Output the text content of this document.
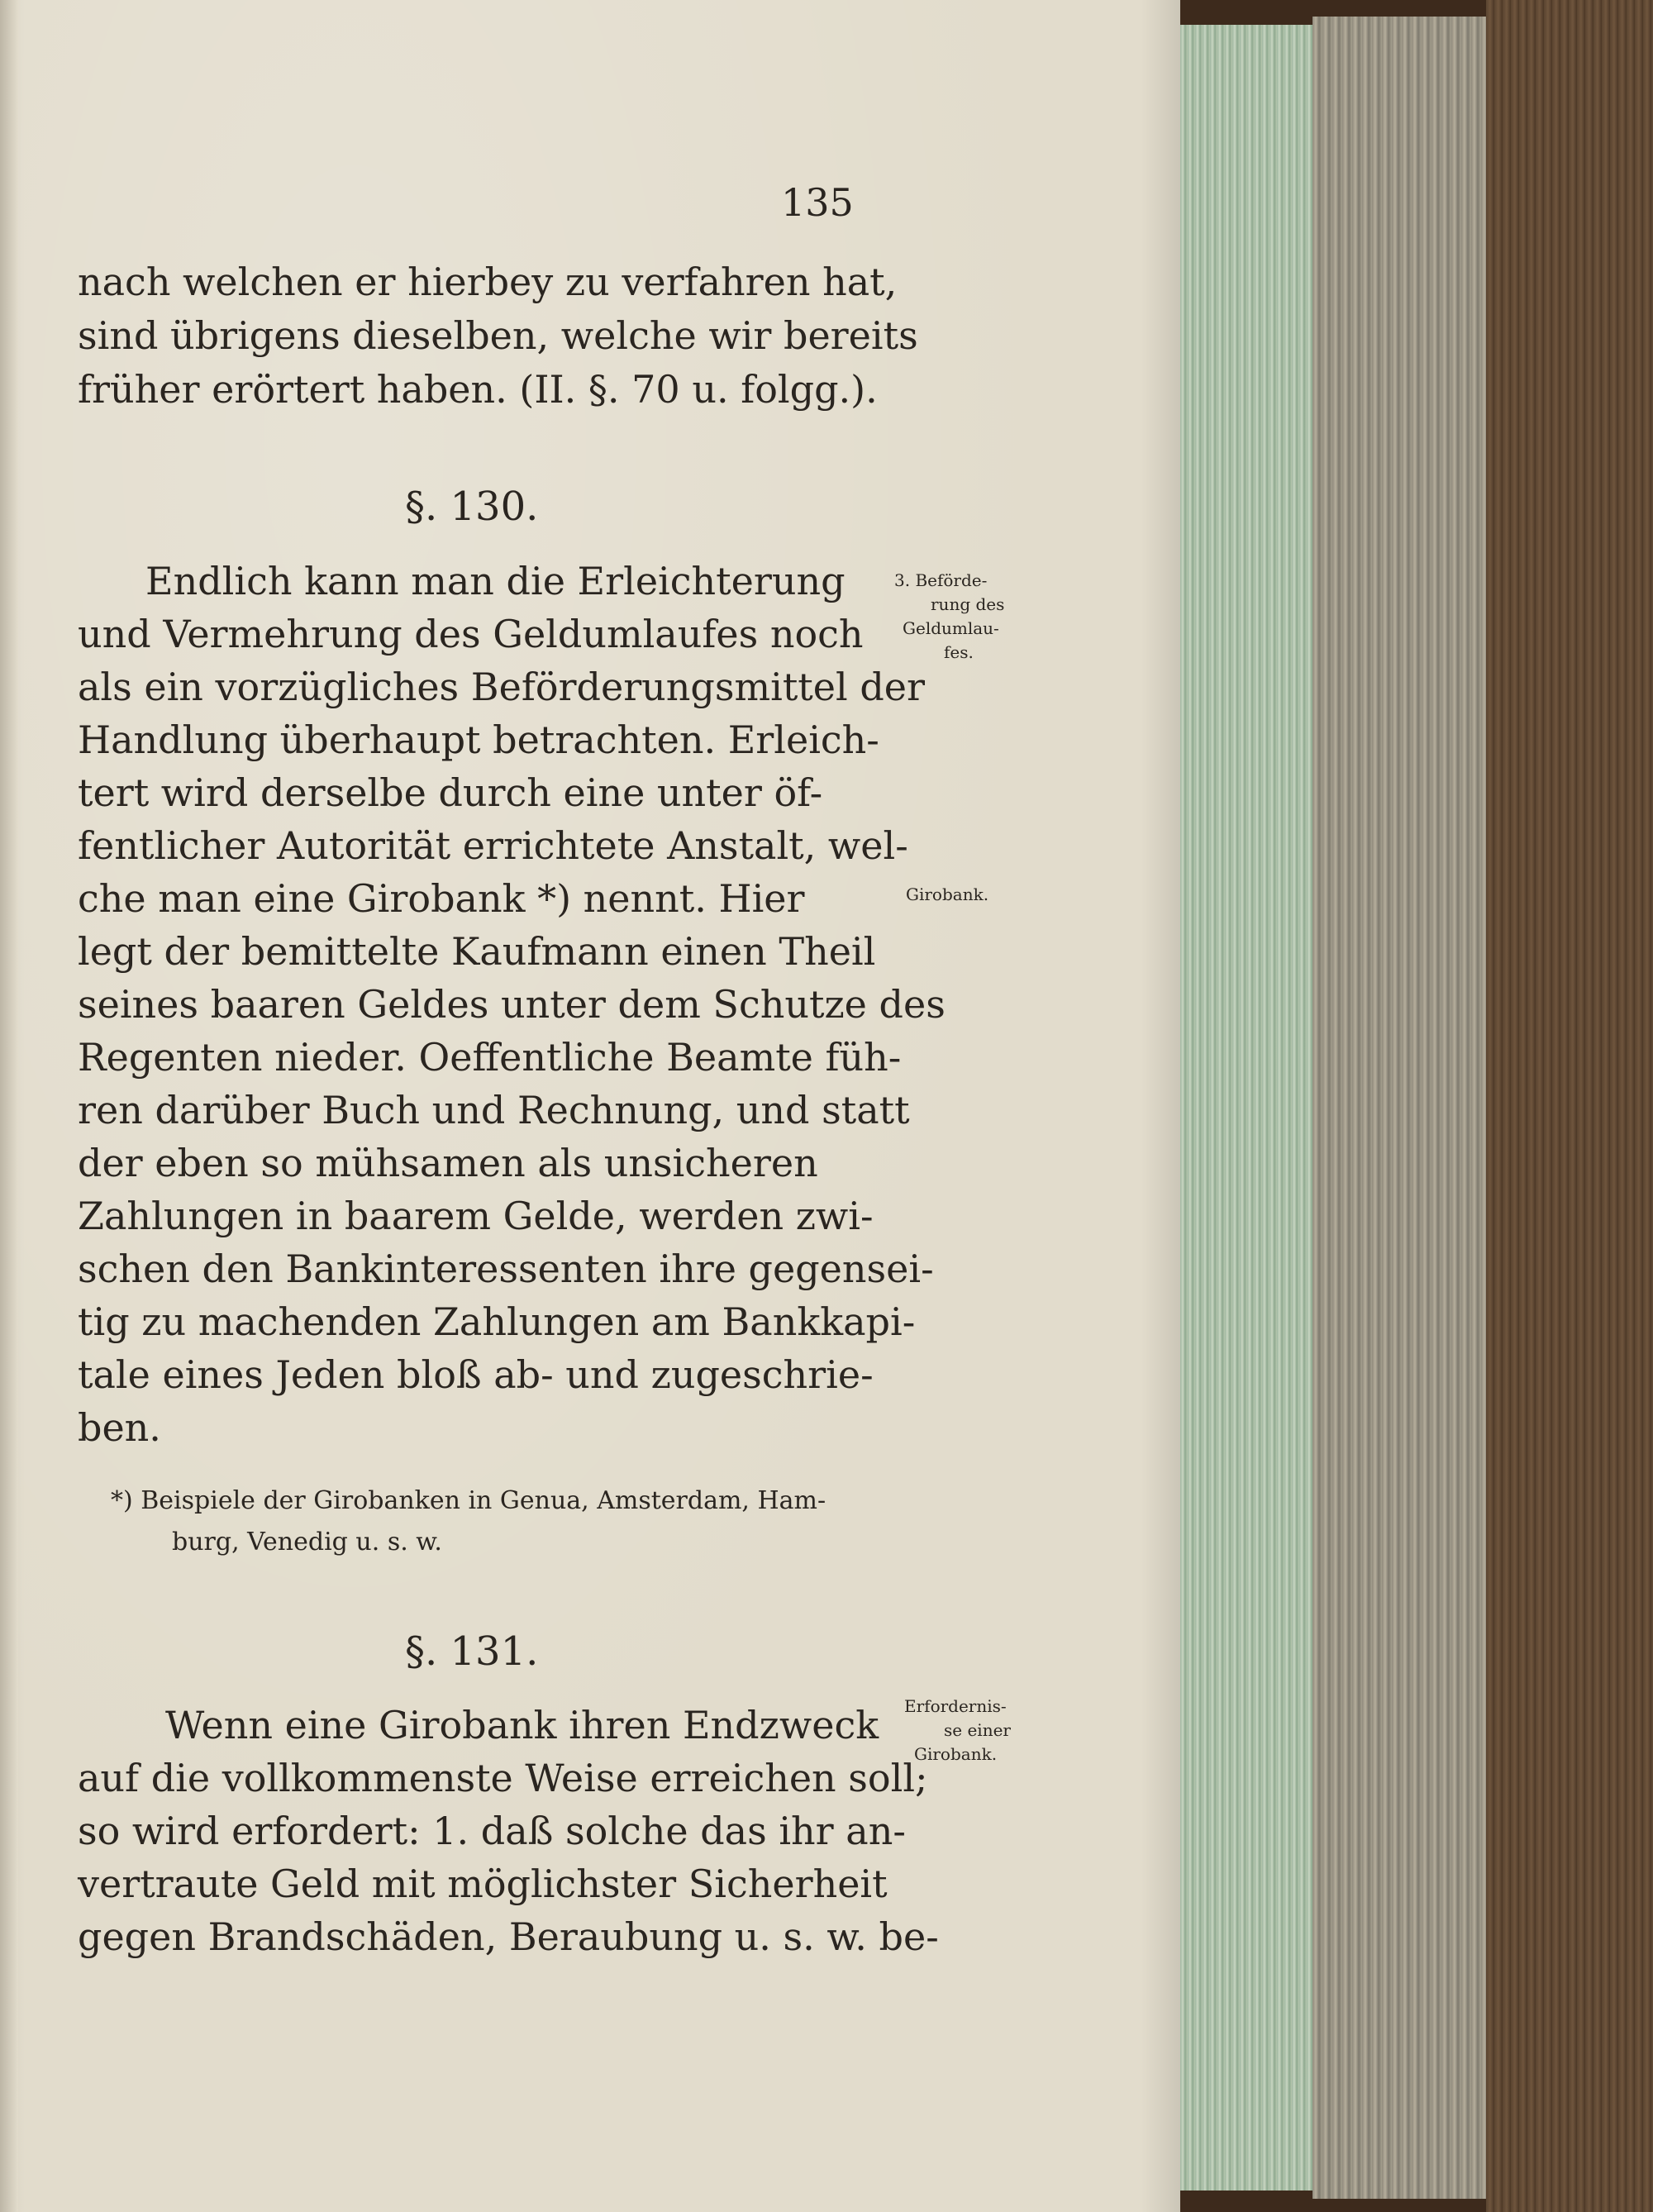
135
nach welchen er hierbey zu verfahren hat,
sind übrigens dieselben, welche wir bereits
früher erörtert haben. (II. §. 70 u. folgg.).
§. 130.
Endlich kann man die Erleichterung
und Vermehrung des Geldumlaufes noch
als ein vorzügliches Beförderungsmittel der
Handlung überhaupt betrachten. Erleich-
tert wird derselbe durch eine unter öf-
fentlicher Autorität errichtete Anstalt, wel-
che man eine Girobank *) nennt. Hier
legt der bemittelte Kaufmann einen Theil
seines baaren Geldes unter dem Schutze des
Regenten nieder. Oeffentliche Beamte füh-
ren darüber Buch und Rechnung, und statt
der eben so mühsamen als unsicheren
Zahlungen in baarem Gelde, werden zwi-
schen den Bankinteressenten ihre gegensei-
tig zu machenden Zahlungen am Bankkapi-
tale eines Jeden bloß ab- und zugeschrie-
ben.
3. Beförde-
rung des
Geldumlau-
fes.
Girobank.
*) Beispiele der Girobanken in Genua, Amsterdam, Ham-
burg, Venedig u. s. w.
§. 131.
Wenn eine Girobank ihren Endzweck
auf die vollkommenste Weise erreichen soll;
so wird erfordert: 1. daß solche das ihr an-
vertraute Geld mit möglichster Sicherheit
gegen Brandschäden, Beraubung u. s. w. be-
Erfordernis-
se einer
Girobank.
